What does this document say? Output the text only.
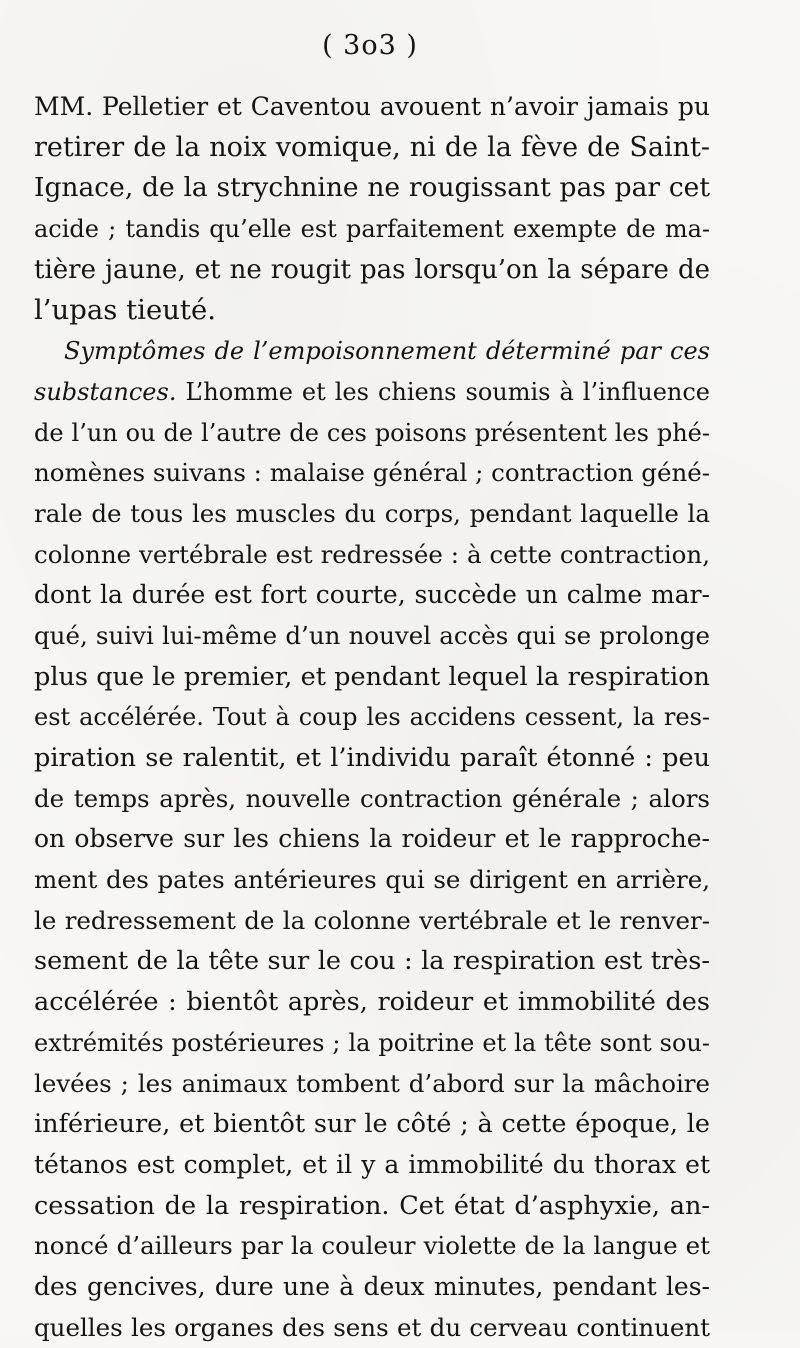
( 3o3 )
MM. Pelletier et Caventou avouent n’avoir jamais pu
retirer de la noix vomique, ni de la fève de Saint-
Ignace, de la strychnine ne rougissant pas par cet
acide ; tandis qu’elle est parfaitement exempte de ma-
tière jaune, et ne rougit pas lorsqu’on la sépare de
l’upas tieuté.
Symptômes de l’empoisonnement déterminé par ces
substances. L’homme et les chiens soumis à l’influence
de l’un ou de l’autre de ces poisons présentent les phé-
nomènes suivans : malaise général ; contraction géné-
rale de tous les muscles du corps, pendant laquelle la
colonne vertébrale est redressée : à cette contraction,
dont la durée est fort courte, succède un calme mar-
qué, suivi lui-même d’un nouvel accès qui se prolonge
plus que le premier, et pendant lequel la respiration
est accélérée. Tout à coup les accidens cessent, la res-
piration se ralentit, et l’individu paraît étonné : peu
de temps après, nouvelle contraction générale ; alors
on observe sur les chiens la roideur et le rapproche-
ment des pates antérieures qui se dirigent en arrière,
le redressement de la colonne vertébrale et le renver-
sement de la tête sur le cou : la respiration est très-
accélérée : bientôt après, roideur et immobilité des
extrémités postérieures ; la poitrine et la tête sont sou-
levées ; les animaux tombent d’abord sur la mâchoire
inférieure, et bientôt sur le côté ; à cette époque, le
tétanos est complet, et il y a immobilité du thorax et
cessation de la respiration. Cet état d’asphyxie, an-
noncé d’ailleurs par la couleur violette de la langue et
des gencives, dure une à deux minutes, pendant les-
quelles les organes des sens et du cerveau continuent
